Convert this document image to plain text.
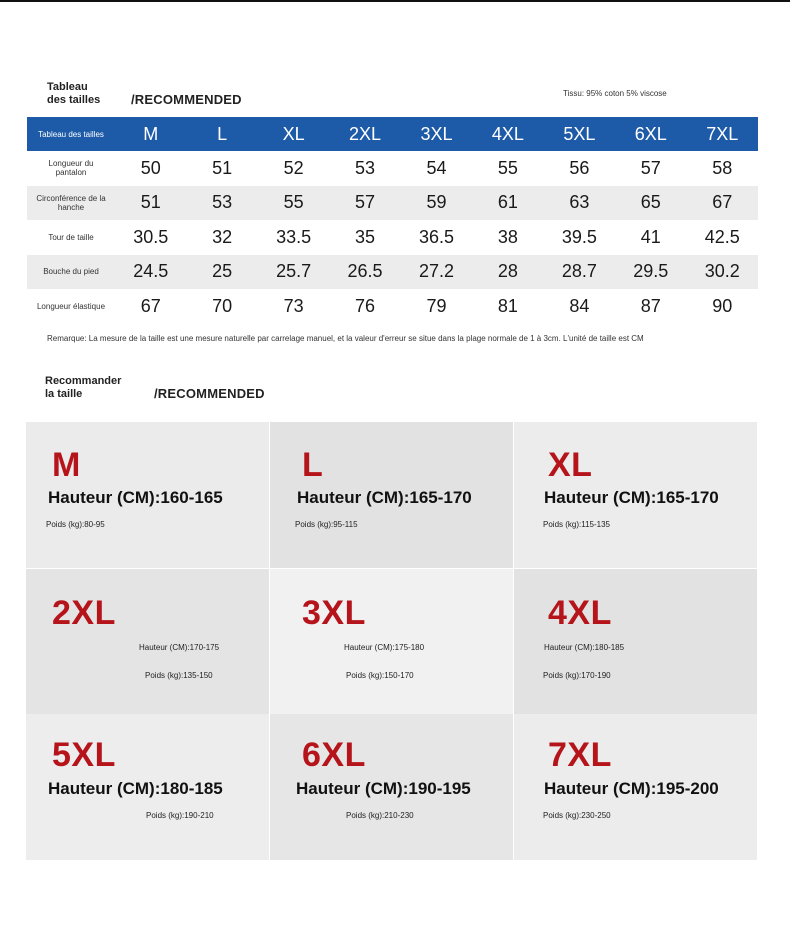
Tableau
des tailles /RECOMMENDED	Tissu: 95% coton 5% viscose
Tableau des tailles	M	L	XL	2XL	3XL	4XL	5XL	6XL	7XL
Longueur du pantalon	50	51	52	53	54	55	56	57	58
Circonférence de la hanche	51	53	55	57	59	61	63	65	67
Tour de taille	30.5	32	33.5	35	36.5	38	39.5	41	42.5
Bouche du pied	24.5	25	25.7	26.5	27.2	28	28.7	29.5	30.2
Longueur élastique	67	70	73	76	79	81	84	87	90
Remarque: La mesure de la taille est une mesure naturelle par carrelage manuel, et la valeur d'erreur se situe dans la plage normale de 1 à 3cm. L'unité de taille est CM
Recommander
la taille	/RECOMMENDED
M
Hauteur (CM):160-165
Poids (kg):80-95
L
Hauteur (CM):165-170
Poids (kg):95-115
XL
Hauteur (CM):165-170
Poids (kg):115-135
2XL
Hauteur (CM):170-175
Poids (kg):135-150
3XL
Hauteur (CM):175-180
Poids (kg):150-170
4XL
Hauteur (CM):180-185
Poids (kg):170-190
5XL
Hauteur (CM):180-185
Poids (kg):190-210
6XL
Hauteur (CM):190-195
Poids (kg):210-230
7XL
Hauteur (CM):195-200
Poids (kg):230-250
